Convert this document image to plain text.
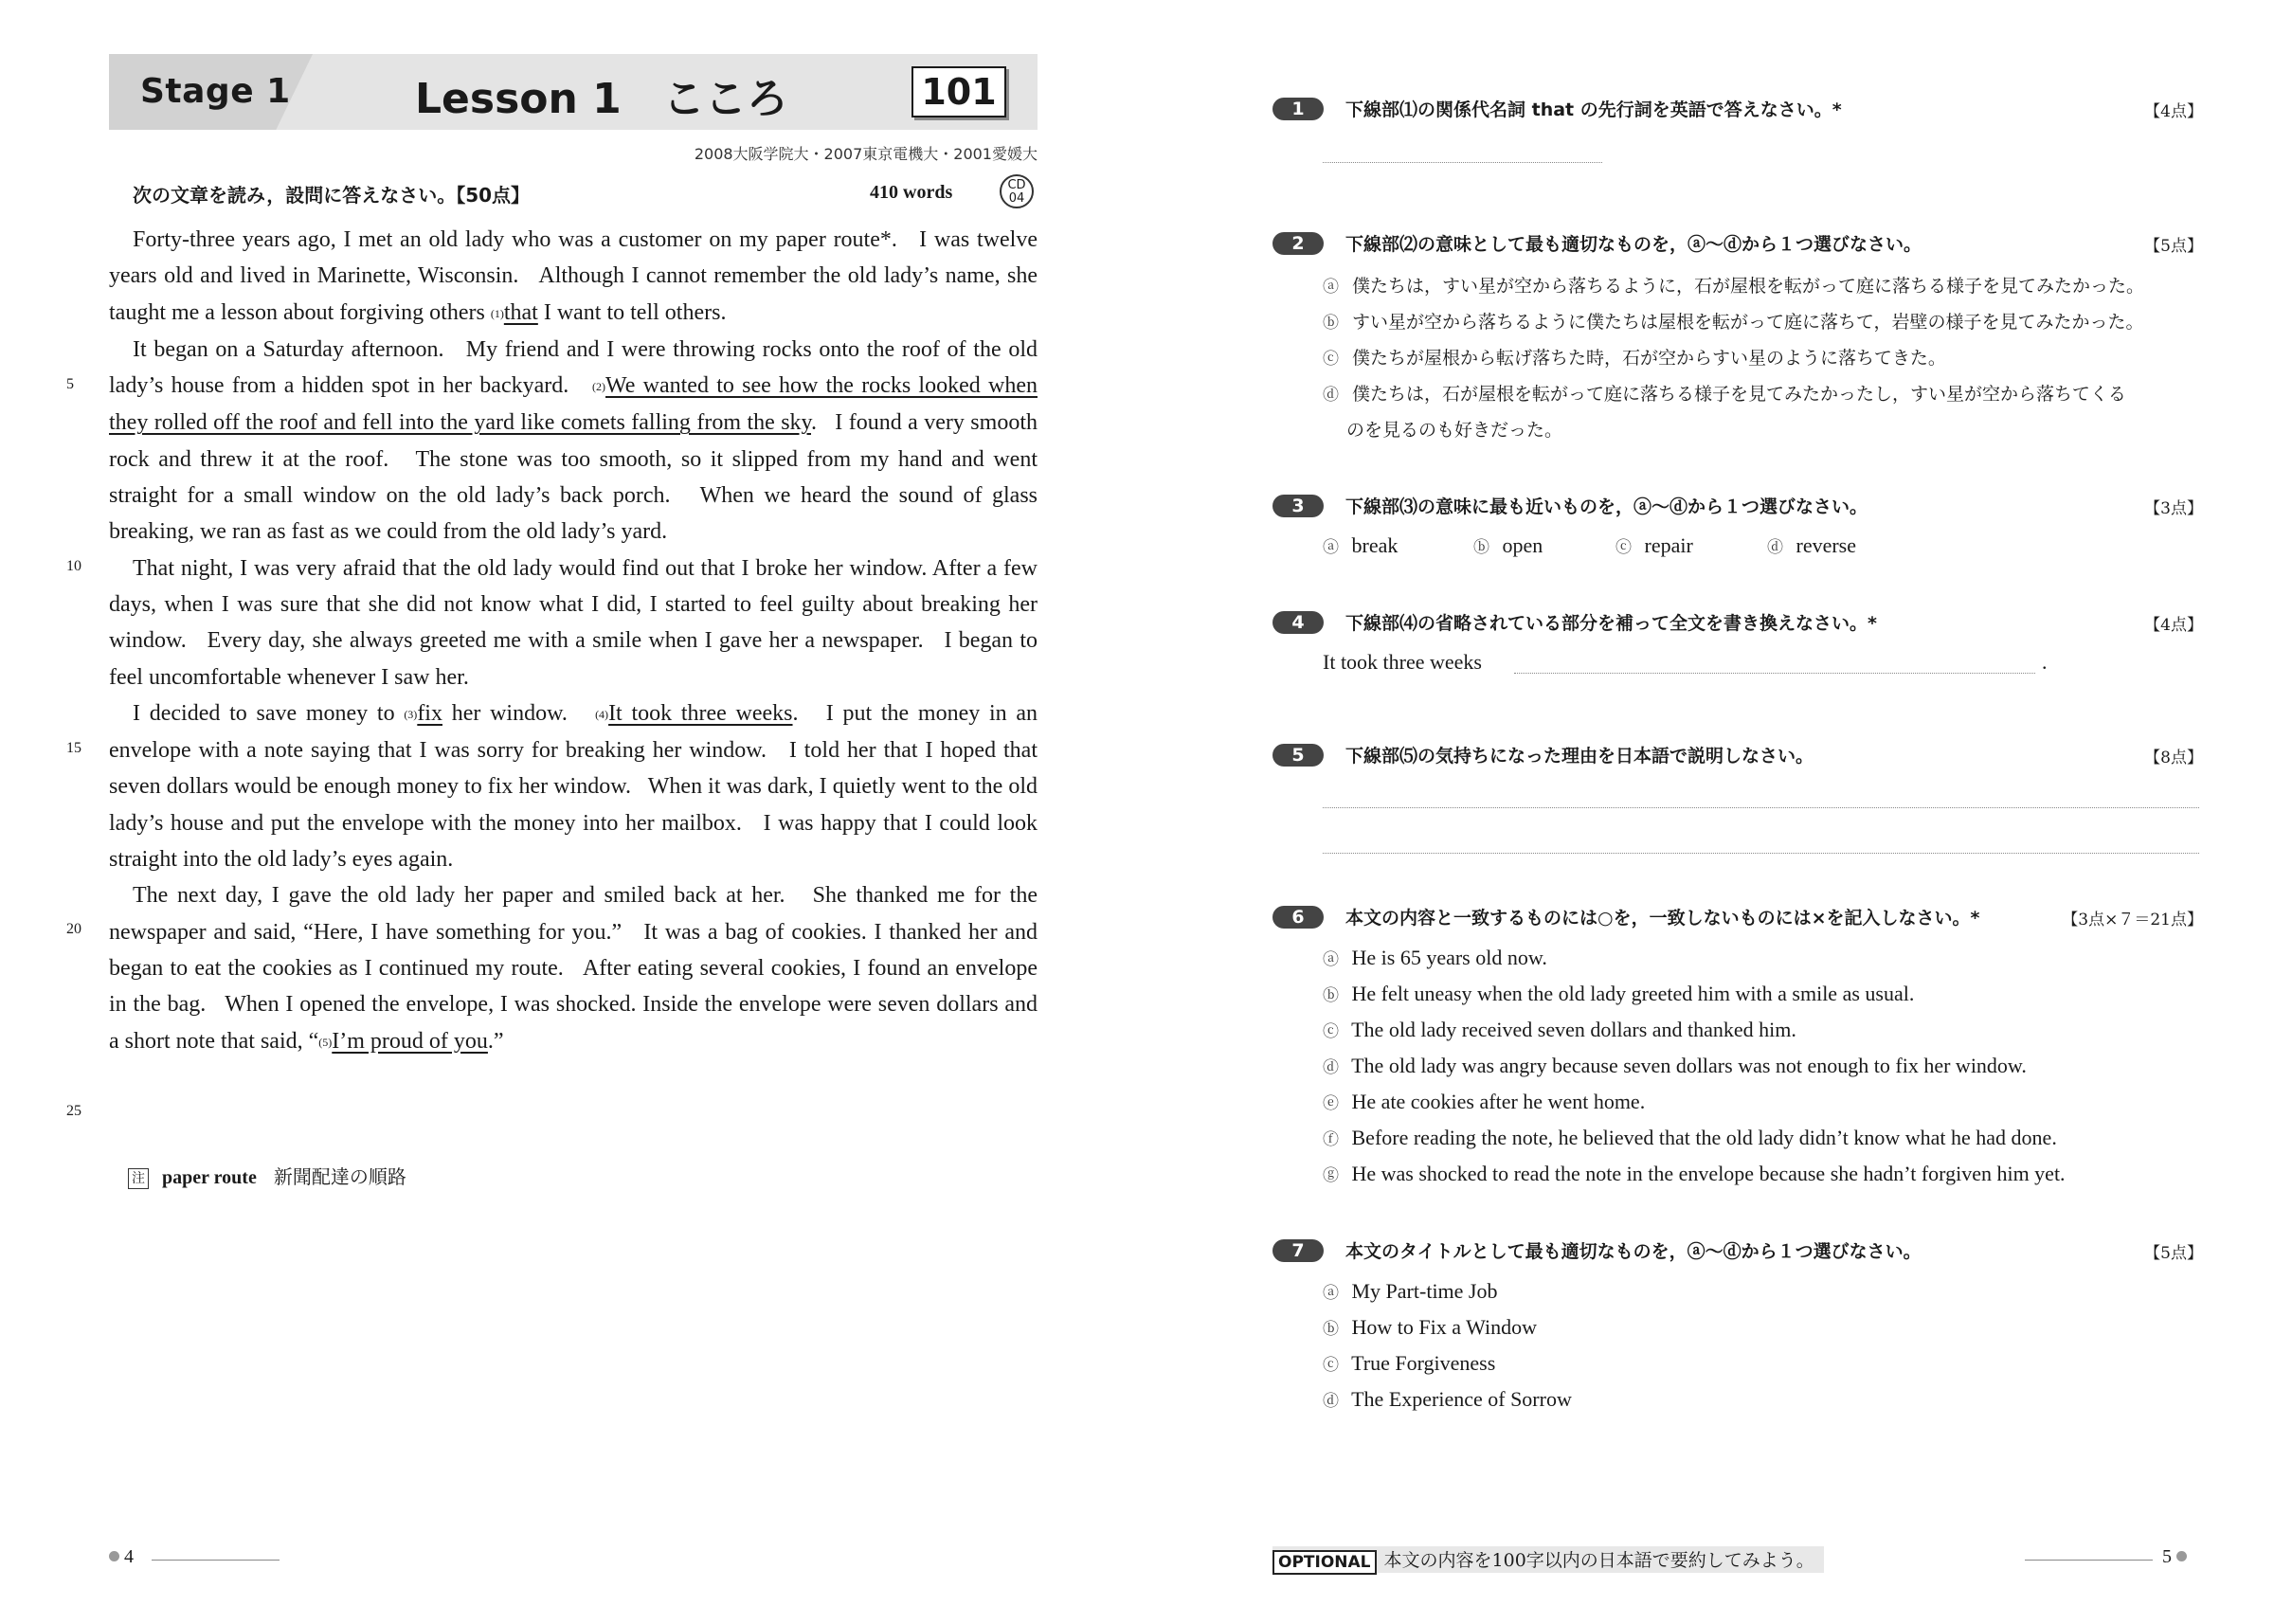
Stage 1	Lesson 1　こころ	101
2008大阪学院大・2007東京電機大・2001愛媛大
次の文章を読み，設問に答えなさい。【50点】	410 words	CD
04

Forty-three years ago, I met an old lady who was a customer on my paper route*.   I was twelve years old and lived in Marinette, Wisconsin.   Although I cannot remember the old lady’s name, she taught me a lesson about forgiving others (1)that I want to tell others.

It began on a Saturday afternoon.   My friend and I were throwing rocks onto the roof of the old lady’s house from a hidden spot in her backyard.   (2)We wanted to see how the rocks looked when they rolled off the roof and fell into the yard like comets falling from the sky.   I found a very smooth rock and threw it at the roof.   The stone was too smooth, so it slipped from my hand and went straight for a small window on the old lady’s back porch.   When we heard the sound of glass breaking, we ran as fast as we could from the old lady’s yard.

That night, I was very afraid that the old lady would find out that I broke her window. After a few days, when I was sure that she did not know what I did, I started to feel guilty about breaking her window.   Every day, she always greeted me with a smile when I gave her a newspaper.   I began to feel uncomfortable whenever I saw her.

I decided to save money to (3)fix her window.   (4)It took three weeks.   I put the money in an envelope with a note saying that I was sorry for breaking her window.   I told her that I hoped that seven dollars would be enough money to fix her window.   When it was dark, I quietly went to the old lady’s house and put the envelope with the money into her mailbox.   I was happy that I could look straight into the old lady’s eyes again.

The next day, I gave the old lady her paper and smiled back at her.   She thanked me for the newspaper and said, “Here, I have something for you.”   It was a bag of cookies. I thanked her and began to eat the cookies as I continued my route.   After eating several cookies, I found an envelope in the bag.   When I opened the envelope, I was shocked. Inside the envelope were seven dollars and a short note that said, “(5)I’m proud of you.”

5
10
15
20
25
注 paper route 新聞配達の順路
4
1	下線部⑴の関係代名詞 that の先行詞を英語で答えなさい。*	【4点】
2	下線部⑵の意味として最も適切なものを，ⓐ〜ⓓから１つ選びなさい。	【5点】
ⓐ 僕たちは，すい星が空から落ちるように，石が屋根を転がって庭に落ちる様子を見てみたかった。
ⓑ すい星が空から落ちるように僕たちは屋根を転がって庭に落ちて，岩壁の様子を見てみたかった。
ⓒ 僕たちが屋根から転げ落ちた時，石が空からすい星のように落ちてきた。
ⓓ 僕たちは，石が屋根を転がって庭に落ちる様子を見てみたかったし，すい星が空から落ちてくる
のを見るのも好きだった。
3	下線部⑶の意味に最も近いものを，ⓐ〜ⓓから１つ選びなさい。	【3点】
ⓐ break	ⓑ open	ⓒ repair	ⓓ reverse
4	下線部⑷の省略されている部分を補って全文を書き換えなさい。*	【4点】
It took three weeks	.
5	下線部⑸の気持ちになった理由を日本語で説明しなさい。	【8点】
6	本文の内容と一致するものには○を，一致しないものには×を記入しなさい。*	【3点×７＝21点】
ⓐ He is 65 years old now.
ⓑ He felt uneasy when the old lady greeted him with a smile as usual.
ⓒ The old lady received seven dollars and thanked him.
ⓓ The old lady was angry because seven dollars was not enough to fix her window.
ⓔ He ate cookies after he went home.
ⓕ Before reading the note, he believed that the old lady didn’t know what he had done.
ⓖ He was shocked to read the note in the envelope because she hadn’t forgiven him yet.
7	本文のタイトルとして最も適切なものを，ⓐ〜ⓓから１つ選びなさい。	【5点】
ⓐ My Part-time Job
ⓑ How to Fix a Window
ⓒ True Forgiveness
ⓓ The Experience of Sorrow
OPTIONAL 本文の内容を100字以内の日本語で要約してみよう。	5
